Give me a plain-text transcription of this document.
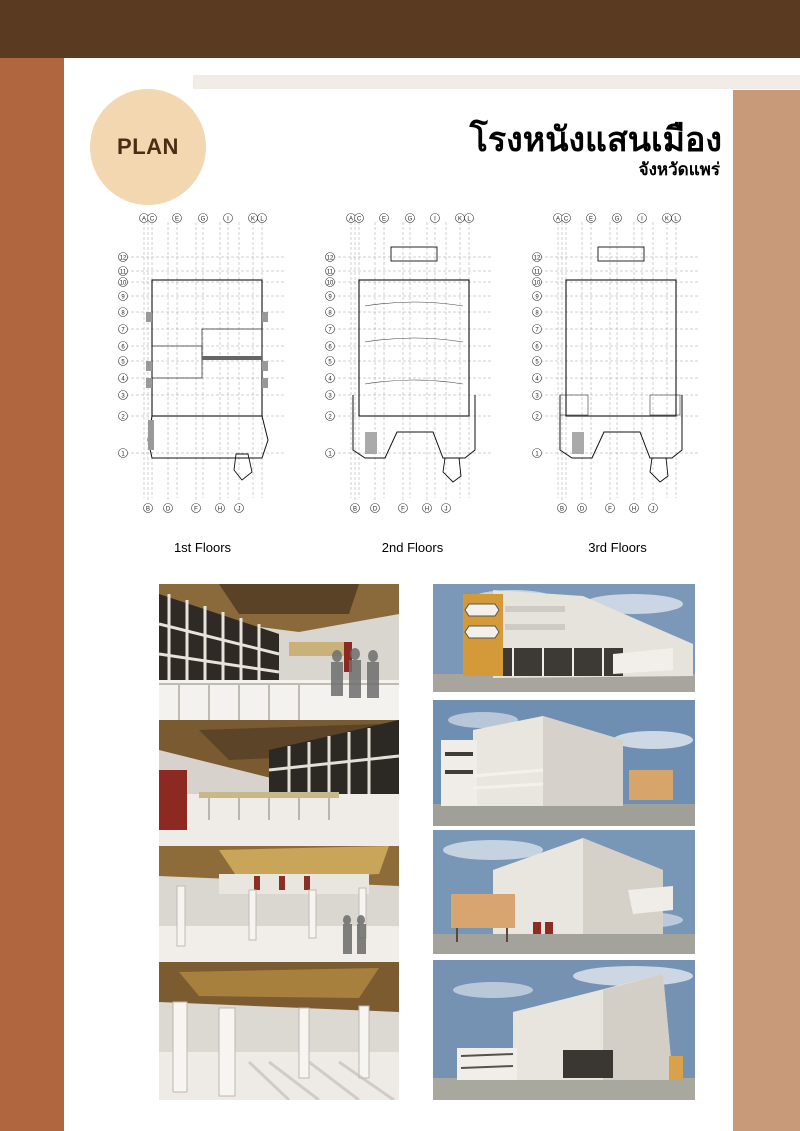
PLAN	โรงหนังแสนเมือง
จังหวัดแพร่
A C	E	G	I	K L
B	D	F	H	J
12
11
10
9
8
7
6
5
4
3
2
1
A C	E	G	I	K L
B	D	F	H	J
12
11
10
9
8
7
6
5
4
3
2
1
A C	E	G	I	K L
B	D	F	H	J
12
11
10
9
8
7
6
5
4
3
2
1
1st Floors	2nd Floors	3rd Floors
